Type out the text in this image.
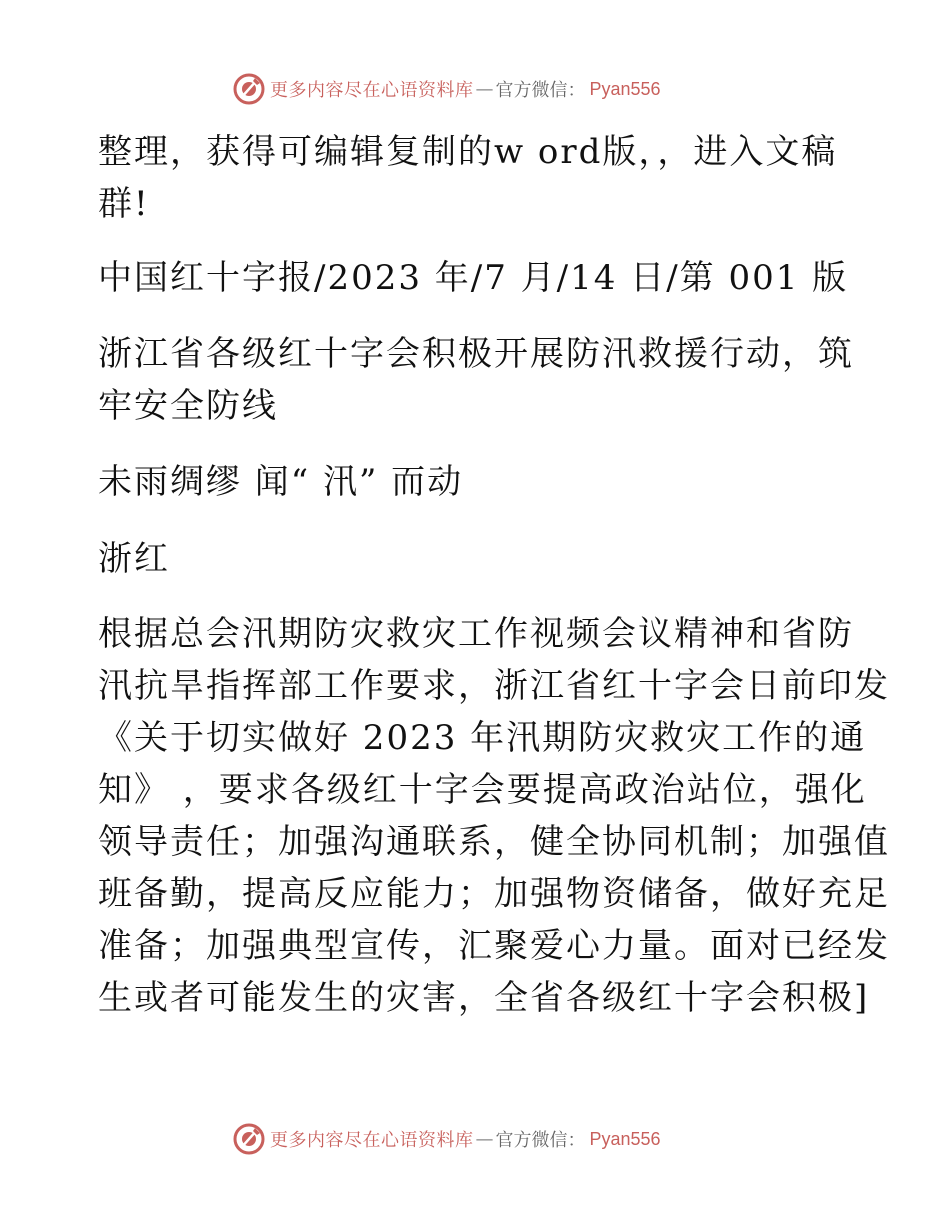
更多内容尽在心语资料库 — 官方微信： Pyan556

整理，获得可编辑复制的w ord版，，进入文稿

群!

中国红十字报/2023 年/7 月/14 日/第 001 版

浙江省各级红十字会积极开展防汛救援行动，筑

牢安全防线

未雨绸缪 闻“ 汛” 而动

浙红

根据总会汛期防灾救灾工作视频会议精神和省防

汛抗旱指挥部工作要求，浙江省红十字会日前印发

《关于切实做好 2023 年汛期防灾救灾工作的通

知》 ，要求各级红十字会要提高政治站位，强化

领导责任；加强沟通联系，健全协同机制；加强值

班备勤，提高反应能力；加强物资储备，做好充足

准备；加强典型宣传，汇聚爱心力量。面对已经发

生或者可能发生的灾害，全省各级红十字会积极]

更多内容尽在心语资料库 — 官方微信： Pyan556
